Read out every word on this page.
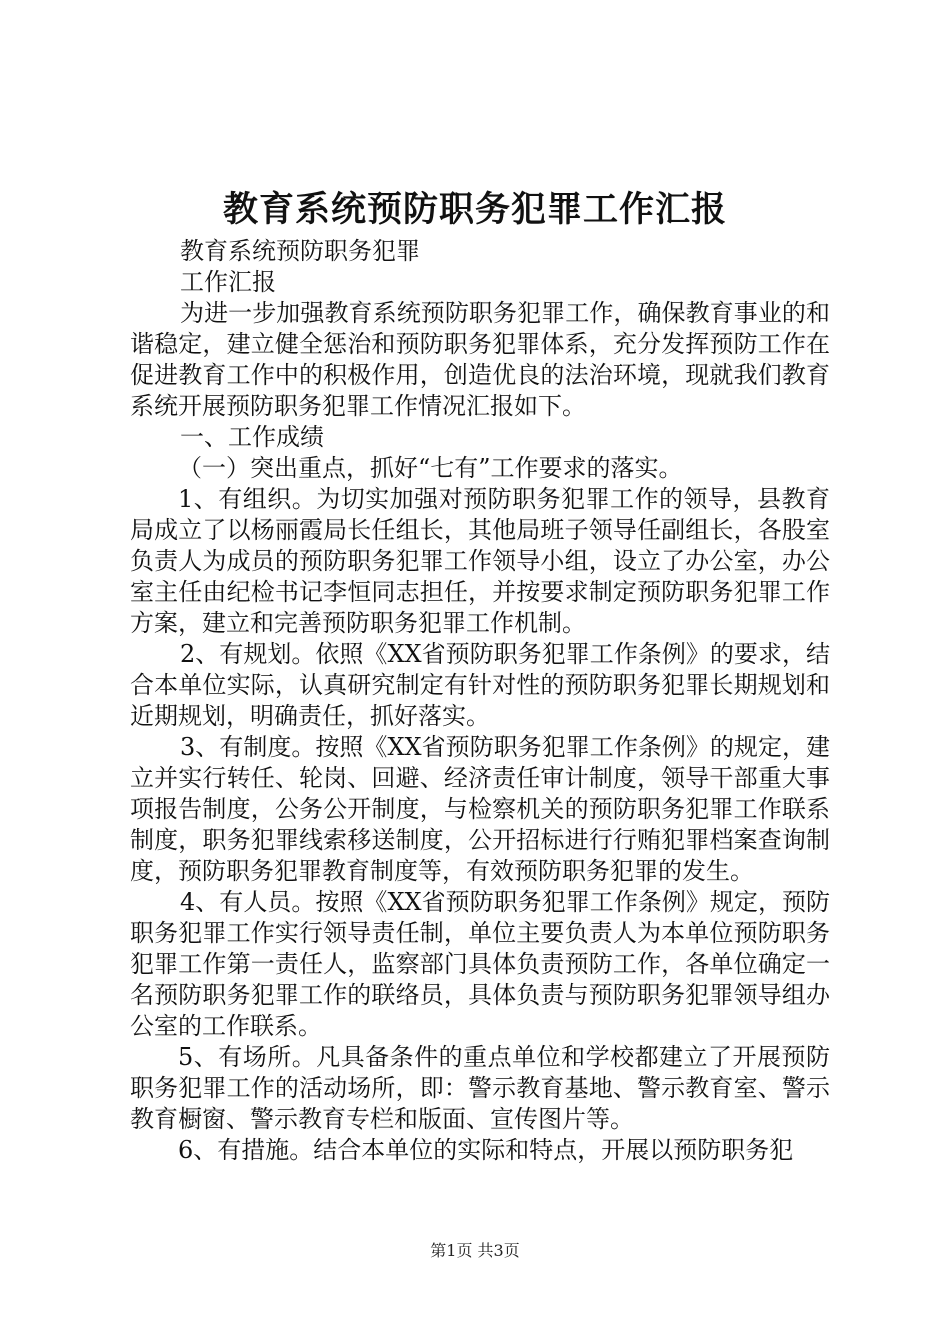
教育系统预防职务犯罪工作汇报

教育系统预防职务犯罪

工作汇报

为进一步加强教育系统预防职务犯罪工作，确保教育事业的和谐稳定，建立健全惩治和预防职务犯罪体系，充分发挥预防工作在促进教育工作中的积极作用，创造优良的法治环境，现就我们教育系统开展预防职务犯罪工作情况汇报如下。

一、工作成绩

（一）突出重点，抓好“七有”工作要求的落实。

1、有组织。为切实加强对预防职务犯罪工作的领导，县教育局成立了以杨丽霞局长任组长，其他局班子领导任副组长，各股室负责人为成员的预防职务犯罪工作领导小组，设立了办公室，办公室主任由纪检书记李恒同志担任，并按要求制定预防职务犯罪工作方案，建立和完善预防职务犯罪工作机制。

2、有规划。依照《XX省预防职务犯罪工作条例》的要求，结合本单位实际，认真研究制定有针对性的预防职务犯罪长期规划和近期规划，明确责任，抓好落实。

3、有制度。按照《XX省预防职务犯罪工作条例》的规定，建立并实行转任、轮岗、回避、经济责任审计制度，领导干部重大事项报告制度，公务公开制度，与检察机关的预防职务犯罪工作联系制度，职务犯罪线索移送制度，公开招标进行行贿犯罪档案查询制度，预防职务犯罪教育制度等，有效预防职务犯罪的发生。

4、有人员。按照《XX省预防职务犯罪工作条例》规定，预防职务犯罪工作实行领导责任制，单位主要负责人为本单位预防职务犯罪工作第一责任人，监察部门具体负责预防工作，各单位确定一名预防职务犯罪工作的联络员，具体负责与预防职务犯罪领导组办公室的工作联系。

5、有场所。凡具备条件的重点单位和学校都建立了开展预防职务犯罪工作的活动场所，即：警示教育基地、警示教育室、警示教育橱窗、警示教育专栏和版面、宣传图片等。

6、有措施。结合本单位的实际和特点，开展以预防职务犯

第1页 共3页
